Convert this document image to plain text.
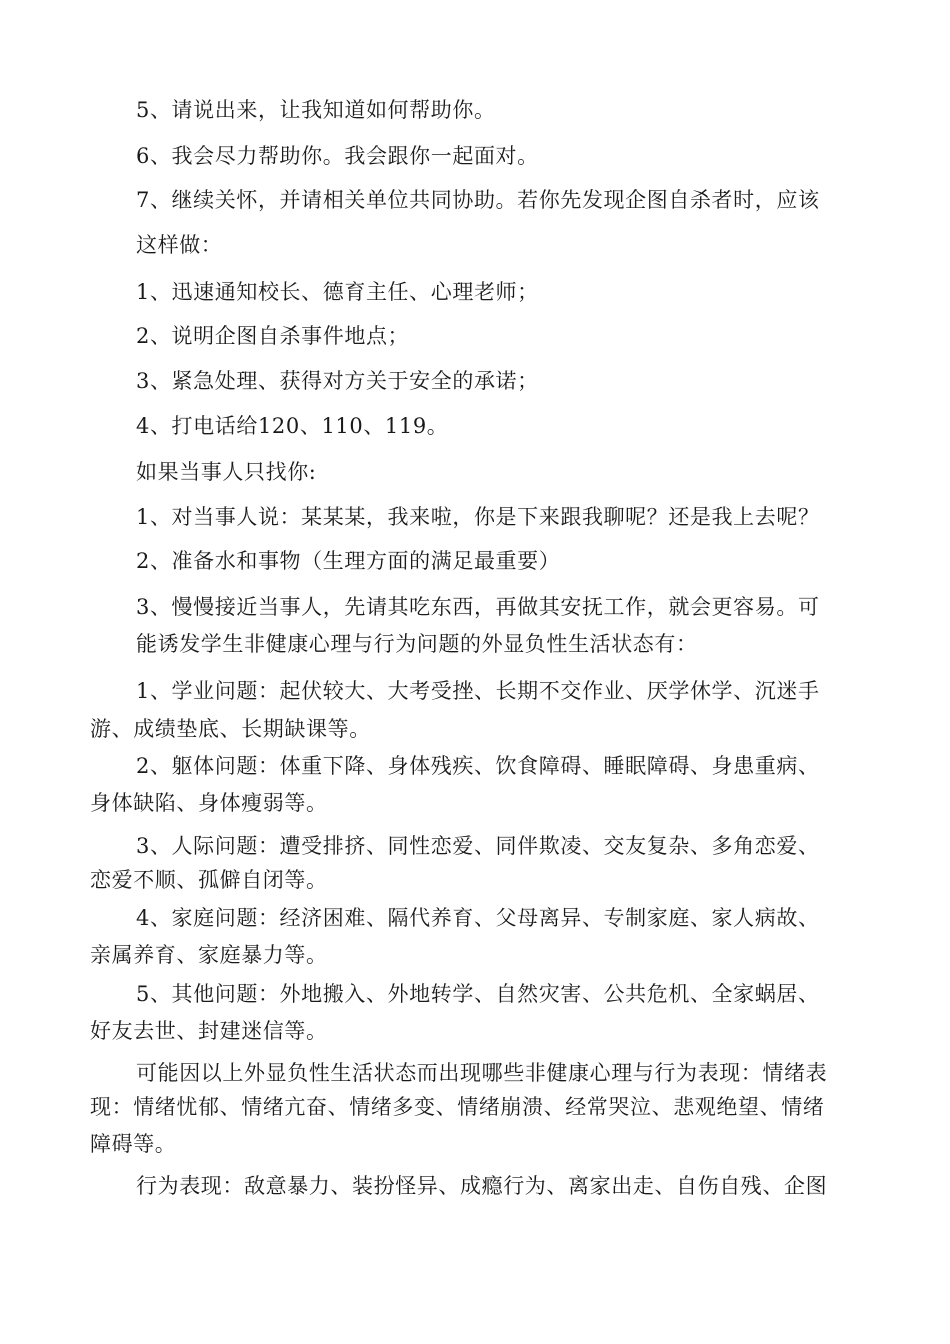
5、请说出来，让我知道如何帮助你。
6、我会尽力帮助你。我会跟你一起面对。
7、继续关怀，并请相关单位共同协助。若你先发现企图自杀者时，应该
这样做：
1、迅速通知校长、德育主任、心理老师；
2、说明企图自杀事件地点；
3、紧急处理、获得对方关于安全的承诺；
4、打电话给120、110、119。
如果当事人只找你:
1、对当事人说：某某某，我来啦，你是下来跟我聊呢？还是我上去呢？
2、准备水和事物（生理方面的满足最重要）
3、慢慢接近当事人，先请其吃东西，再做其安抚工作，就会更容易。可
能诱发学生非健康心理与行为问题的外显负性生活状态有：
1、学业问题：起伏较大、大考受挫、长期不交作业、厌学休学、沉迷手
游、成绩垫底、长期缺课等。
2、躯体问题：体重下降、身体残疾、饮食障碍、睡眠障碍、身患重病、
身体缺陷、身体瘦弱等。
3、人际问题：遭受排挤、同性恋爱、同伴欺凌、交友复杂、多角恋爱、
恋爱不顺、孤僻自闭等。
4、家庭问题：经济困难、隔代养育、父母离异、专制家庭、家人病故、
亲属养育、家庭暴力等。
5、其他问题：外地搬入、外地转学、自然灾害、公共危机、全家蜗居、
好友去世、封建迷信等。
可能因以上外显负性生活状态而出现哪些非健康心理与行为表现：情绪表
现：情绪忧郁、情绪亢奋、情绪多变、情绪崩溃、经常哭泣、悲观绝望、情绪
障碍等。
行为表现：敌意暴力、装扮怪异、成瘾行为、离家出走、自伤自残、企图
